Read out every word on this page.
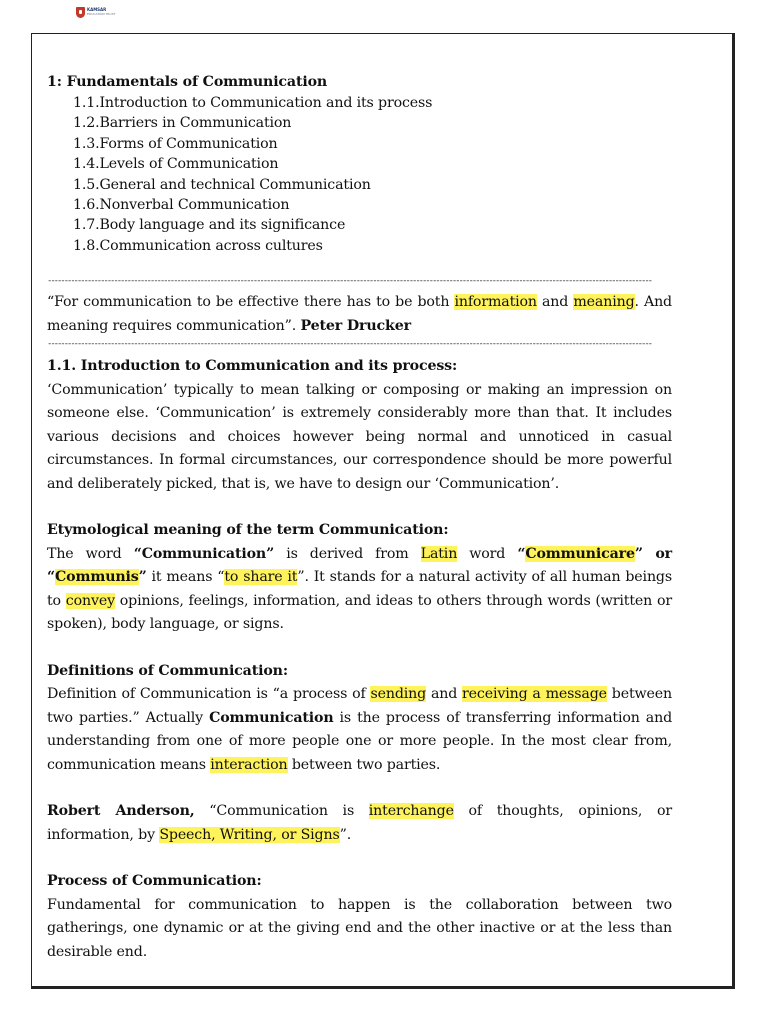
KAMSAR
EDUCATION TRUST

1: Fundamentals of Communication

1.1.Introduction to Communication and its process

1.2.Barriers in Communication

1.3.Forms of Communication

1.4.Levels of Communication

1.5.General and technical Communication

1.6.Nonverbal Communication

1.7.Body language and its significance

1.8.Communication across cultures

-----

“For communication to be effective there has to be both information and meaning. And meaning requires communication”. Peter Drucker

-----

1.1. Introduction to Communication and its process:

‘Communication’ typically to mean talking or composing or making an impression on someone else. ‘Communication’ is extremely considerably more than that. It includes various decisions and choices however being normal and unnoticed in casual circumstances. In formal circumstances, our correspondence should be more powerful and deliberately picked, that is, we have to design our ‘Communication’.

Etymological meaning of the term Communication:

The word “Communication” is derived from Latin word “Communicare” or “Communis” it means “to share it”. It stands for a natural activity of all human beings to convey opinions, feelings, information, and ideas to others through words (written or spoken), body language, or signs.

Definitions of Communication:

Definition of Communication is “a process of sending and receiving a message between two parties.” Actually Communication is the process of transferring information and understanding from one of more people one or more people. In the most clear from, communication means interaction between two parties.

Robert Anderson, “Communication is interchange of thoughts, opinions, or information, by Speech, Writing, or Signs”.

Process of Communication:

Fundamental for communication to happen is the collaboration between two gatherings, one dynamic or at the giving end and the other inactive or at the less than desirable end.
